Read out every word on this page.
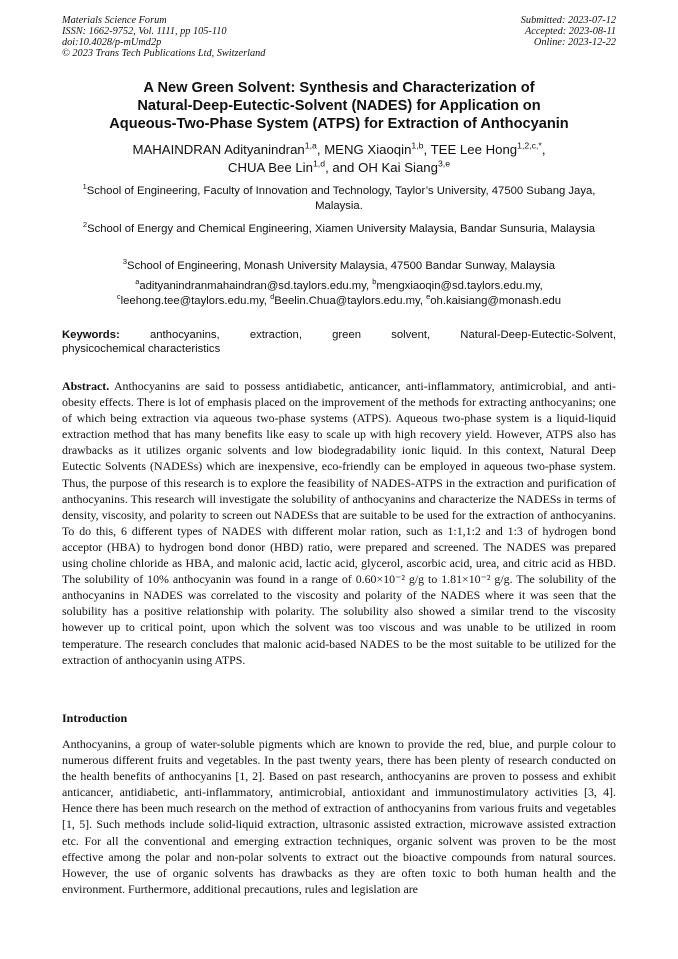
Materials Science Forum
ISSN: 1662-9752, Vol. 1111, pp 105-110
doi:10.4028/p-mUmd2p
© 2023 Trans Tech Publications Ltd, Switzerland
Submitted: 2023-07-12
Accepted: 2023-08-11
Online: 2023-12-22
A New Green Solvent: Synthesis and Characterization of
Natural-Deep-Eutectic-Solvent (NADES) for Application on
Aqueous-Two-Phase System (ATPS) for Extraction of Anthocyanin
MAHAINDRAN Adityanindran$^{1,a}$, MENG Xiaoqin$^{1,b}$, TEE Lee Hong$^{1,2,c,*}$,
CHUA Bee Lin$^{1,d}$, and OH Kai Siang$^{3,e}$
$^1$School of Engineering, Faculty of Innovation and Technology, Taylor’s University, 47500 Subang Jaya, Malaysia.
$^2$School of Energy and Chemical Engineering, Xiamen University Malaysia, Bandar Sunsuria, Malaysia
$^3$School of Engineering, Monash University Malaysia, 47500 Bandar Sunway, Malaysia
$^a$adityanindranmahaindran@sd.taylors.edu.my, $^b$mengxiaoqin@sd.taylors.edu.my,
$^c$leehong.tee@taylors.edu.my, $^d$Beelin.Chua@taylors.edu.my, $^e$oh.kaisiang@monash.edu
Keywords:	anthocyanins, extraction, green solvent, Natural-Deep-Eutectic-Solvent,
physicochemical characteristics
Abstract. Anthocyanins are said to possess antidiabetic, anticancer, anti-inflammatory, antimicrobial, and anti-obesity effects. There is lot of emphasis placed on the improvement of the methods for extracting anthocyanins; one of which being extraction via aqueous two-phase systems (ATPS). Aqueous two-phase system is a liquid-liquid extraction method that has many benefits like easy to scale up with high recovery yield. However, ATPS also has drawbacks as it utilizes organic solvents and low biodegradability ionic liquid. In this context, Natural Deep Eutectic Solvents (NADESs) which are inexpensive, eco-friendly can be employed in aqueous two-phase system. Thus, the purpose of this research is to explore the feasibility of NADES-ATPS in the extraction and purification of anthocyanins. This research will investigate the solubility of anthocyanins and characterize the NADESs in terms of density, viscosity, and polarity to screen out NADESs that are suitable to be used for the extraction of anthocyanins. To do this, 6 different types of NADES with different molar ration, such as 1:1,1:2 and 1:3 of hydrogen bond acceptor (HBA) to hydrogen bond donor (HBD) ratio, were prepared and screened. The NADES was prepared using choline chloride as HBA, and malonic acid, lactic acid, glycerol, ascorbic acid, urea, and citric acid as HBD. The solubility of 10% anthocyanin was found in a range of 0.60×10⁻² g/g to 1.81×10⁻² g/g. The solubility of the anthocyanins in NADES was correlated to the viscosity and polarity of the NADES where it was seen that the solubility has a positive relationship with polarity. The solubility also showed a similar trend to the viscosity however up to critical point, upon which the solvent was too viscous and was unable to be utilized in room temperature. The research concludes that malonic acid-based NADES to be the most suitable to be utilized for the extraction of anthocyanin using ATPS.
Introduction
Anthocyanins, a group of water-soluble pigments which are known to provide the red, blue, and purple colour to numerous different fruits and vegetables. In the past twenty years, there has been plenty of research conducted on the health benefits of anthocyanins [1, 2]. Based on past research, anthocyanins are proven to possess and exhibit anticancer, antidiabetic, anti-inflammatory, antimicrobial, antioxidant and immunostimulatory activities [3, 4]. Hence there has been much research on the method of extraction of anthocyanins from various fruits and vegetables [1, 5]. Such methods include solid-liquid extraction, ultrasonic assisted extraction, microwave assisted extraction etc. For all the conventional and emerging extraction techniques, organic solvent was proven to be the most effective among the polar and non-polar solvents to extract out the bioactive compounds from natural sources. However, the use of organic solvents has drawbacks as they are often toxic to both human health and the environment. Furthermore, additional precautions, rules and legislation are
